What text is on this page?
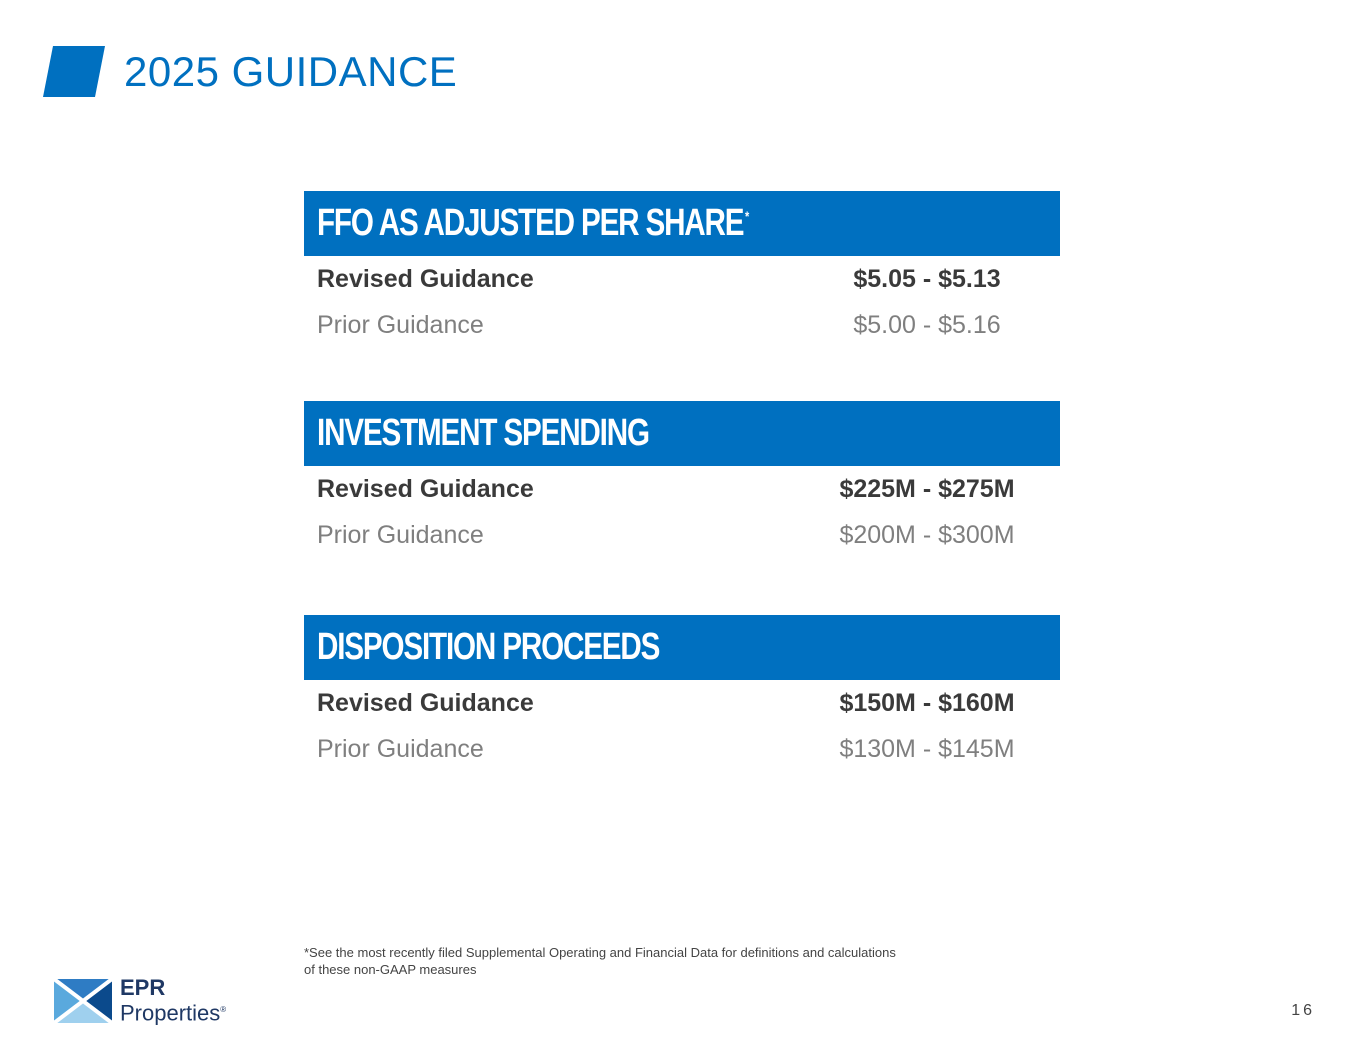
2025 GUIDANCE
FFO AS ADJUSTED PER SHARE *
Revised Guidance	$5.05 - $5.13
Prior Guidance	$5.00 - $5.16
INVESTMENT SPENDING
Revised Guidance	$225M - $275M
Prior Guidance	$200M - $300M
DISPOSITION PROCEEDS
Revised Guidance	$150M - $160M
Prior Guidance	$130M - $145M
*See the most recently filed Supplemental Operating and Financial Data for definitions and calculations
of these non-GAAP measures
EPR
Properties®	16
